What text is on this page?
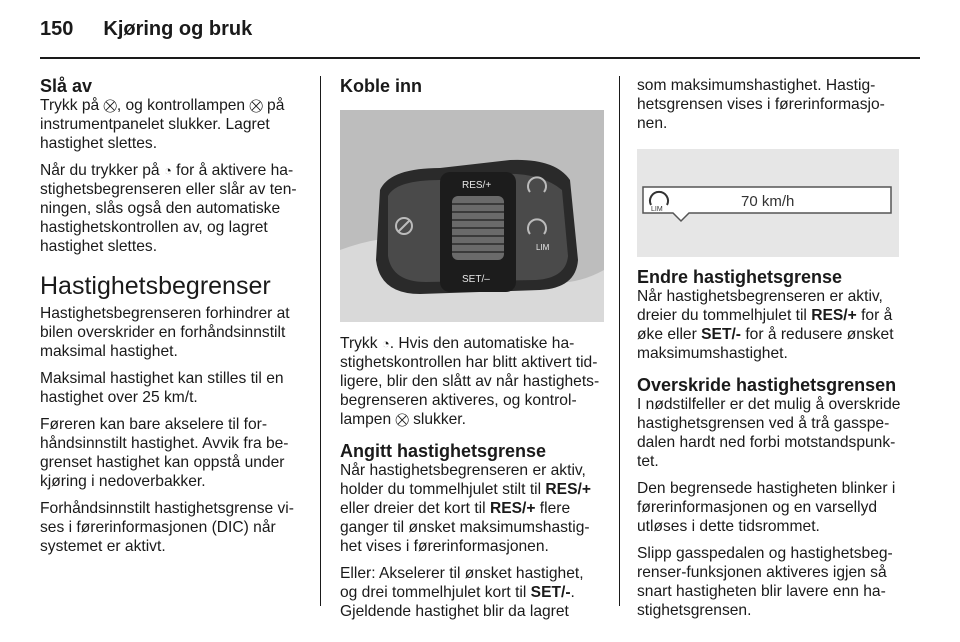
150 Kjøring og bruk
Slå av

Trykk på ⛒, og kontrollampen ⛒ på instrumentpanelet slukker. Lagret hastighet slettes.

Når du trykker på ◔ for å aktivere ha-stighetsbegrenseren eller slår av ten-ningen, slås også den automatiske hastighetskontrollen av, og lagret hastighet slettes.

Hastighetsbegrenser

Hastighetsbegrenseren forhindrer at bilen overskrider en forhåndsinnstilt maksimal hastighet.

Maksimal hastighet kan stilles til en hastighet over 25 km/t.

Føreren kan bare akselere til for-håndsinnstilt hastighet. Avvik fra be-grenset hastighet kan oppstå under kjøring i nedoverbakker.

Forhåndsinnstilt hastighetsgrense vi-ses i førerinformasjonen (DIC) når systemet er aktivt.

Koble inn
RES/+
SET/–
LIM

Trykk ◔. Hvis den automatiske ha-stighetskontrollen har blitt aktivert tid-ligere, blir den slått av når hastighets-begrenseren aktiveres, og kontrol-lampen ⛒ slukker.

Angitt hastighetsgrense

Når hastighetsbegrenseren er aktiv, holder du tommelhjulet stilt til RES/+ eller dreier det kort til RES/+ flere ganger til ønsket maksimumshastig-het vises i førerinformasjonen.

Eller: Akselerer til ønsket hastighet, og drei tommelhjulet kort til SET/-. Gjeldende hastighet blir da lagret

som maksimumshastighet. Hastig-hetsgrensen vises i førerinformasjo-nen.

LIM	70 km/h
Endre hastighetsgrense

Når hastighetsbegrenseren er aktiv, dreier du tommelhjulet til RES/+ for å øke eller SET/- for å redusere ønsket maksimumshastighet.

Overskride hastighetsgrensen

I nødstilfeller er det mulig å overskride hastighetsgrensen ved å trå gasspe-dalen hardt ned forbi motstandspunk-tet.

Den begrensede hastigheten blinker i førerinformasjonen og en varsellyd utløses i dette tidsrommet.

Slipp gasspedalen og hastighetsbeg-renser-funksjonen aktiveres igjen så snart hastigheten blir lavere enn ha-stighetsgrensen.
